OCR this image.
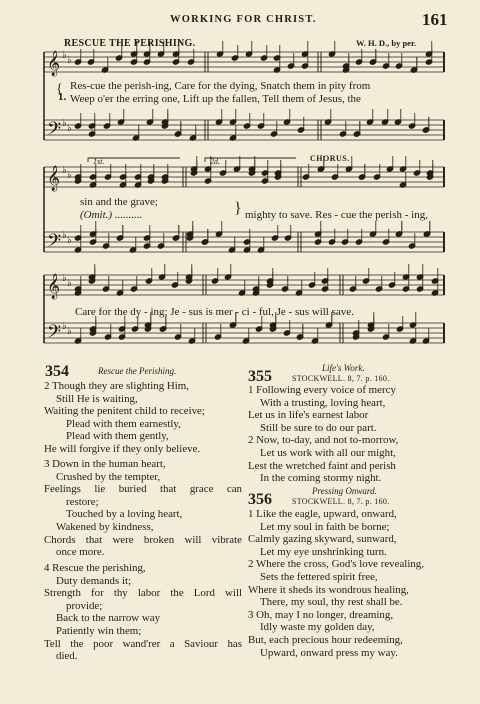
WORKING FOR CHRIST.	161
RESCUE THE PERISHING.	W. H. D., by per.
𝄞 ♭ ♭
𝄢 ♭ ♭
𝄞 ♭ ♭
𝄢 ♭ ♭
𝄞 ♭ ♭
𝄢 ♭ ♭
{
1.
Res-cue the perish-ing, Care for the dying, Snatch them in pity from
Weep o'er the erring one, Lift up the fallen, Tell them of Jesus, the
1st.	2d.	CHORUS.
sin and the grave;
(Omit.) ..........	} mighty to save. Res - cue the perish - ing,
Care for the dy - ing; Je - sus is mer - ci - ful, Je - sus will save.
354	Rescue the Perishing.
2 Though they are slighting Him,
Still He is waiting,
Waiting the penitent child to receive;
Plead with them earnestly,
Plead with them gently,
He will forgive if they only believe.
3 Down in the human heart,
Crushed by the tempter,
Feelings lie buried that grace can
restore;
Touched by a loving heart,
Wakened by kindness,
Chords that were broken will vibrate
once more.
4 Rescue the perishing,
Duty demands it;
Strength for thy labor the Lord will
provide;
Back to the narrow way
Patiently win them;
Tell the poor wand'rer a Saviour has
died.
Life's Work.
355	STOCKWELL. 8, 7. p. 160.
1 Following every voice of mercy
With a trusting, loving heart,
Let us in life's earnest labor
Still be sure to do our part.
2 Now, to-day, and not to-morrow,
Let us work with all our might,
Lest the wretched faint and perish
In the coming stormy night.
Pressing Onward.
356	STOCKWELL. 8, 7. p. 160.
1 Like the eagle, upward, onward,
Let my soul in faith be borne;
Calmly gazing skyward, sunward,
Let my eye unshrinking turn.
2 Where the cross, God's love revealing,
Sets the fettered spirit free,
Where it sheds its wondrous healing,
There, my soul, thy rest shall be.
3 Oh, may I no longer, dreaming,
Idly waste my golden day,
But, each precious hour redeeming,
Upward, onward press my way.
